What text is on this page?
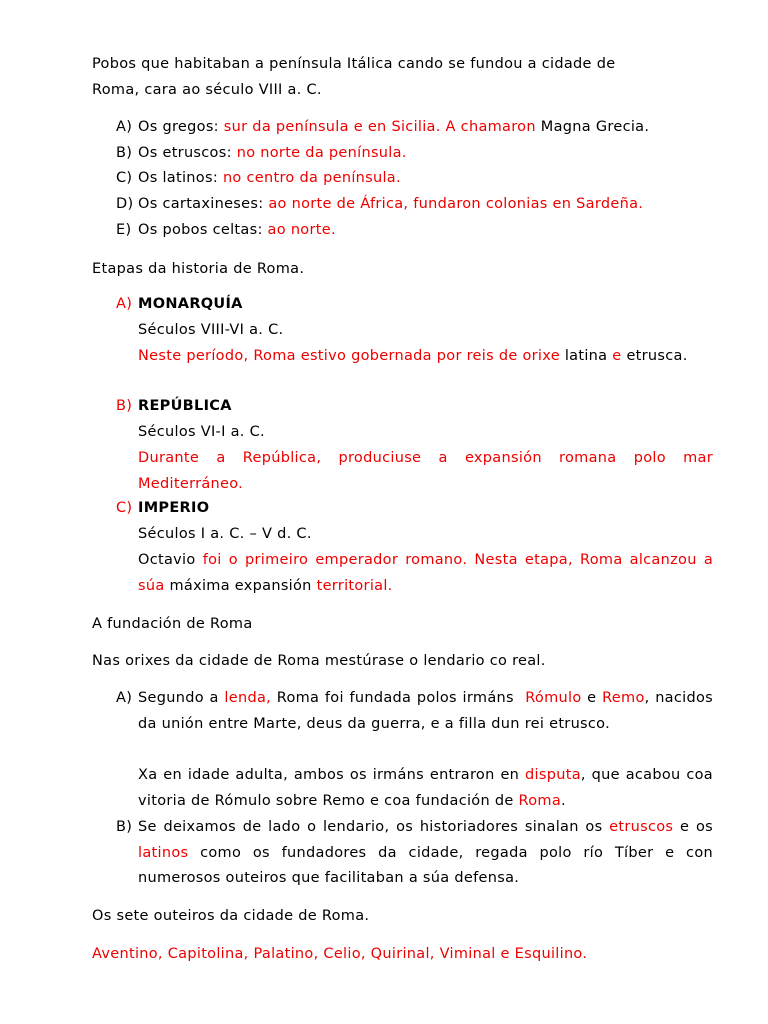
Pobos que habitaban a península Itálica cando se fundou a cidade de
Roma, cara ao século VIII a. C.
A) Os gregos: sur da península e en Sicilia. A chamaron Magna Grecia.
B) Os etruscos: no norte da península.
C) Os latinos: no centro da península.
D) Os cartaxineses: ao norte de África, fundaron colonias en Sardeña.
E) Os pobos celtas: ao norte.
Etapas da historia de Roma.
A) MONARQUÍA
Séculos VIII-VI a. C.
Neste período, Roma estivo gobernada por reis de orixe latina e etrusca.
B) REPÚBLICA
Séculos VI-I a. C.
Durante a República, produciuse a expansión romana polo mar Mediterráneo.
C) IMPERIO
Séculos I a. C. – V d. C.
Octavio foi o primeiro emperador romano. Nesta etapa, Roma alcanzou a súa máxima expansión territorial.
A fundación de Roma
Nas orixes da cidade de Roma mestúrase o lendario co real.
A) Segundo a lenda, Roma foi fundada polos irmáns Rómulo e Remo, nacidos da unión entre Marte, deus da guerra, e a filla dun rei etrusco.
Xa en idade adulta, ambos os irmáns entraron en disputa, que acabou coa vitoria de Rómulo sobre Remo e coa fundación de Roma.
B) Se deixamos de lado o lendario, os historiadores sinalan os etruscos e os latinos como os fundadores da cidade, regada polo río Tíber e con numerosos outeiros que facilitaban a súa defensa.
Os sete outeiros da cidade de Roma.
Aventino, Capitolina, Palatino, Celio, Quirinal, Viminal e Esquilino.
